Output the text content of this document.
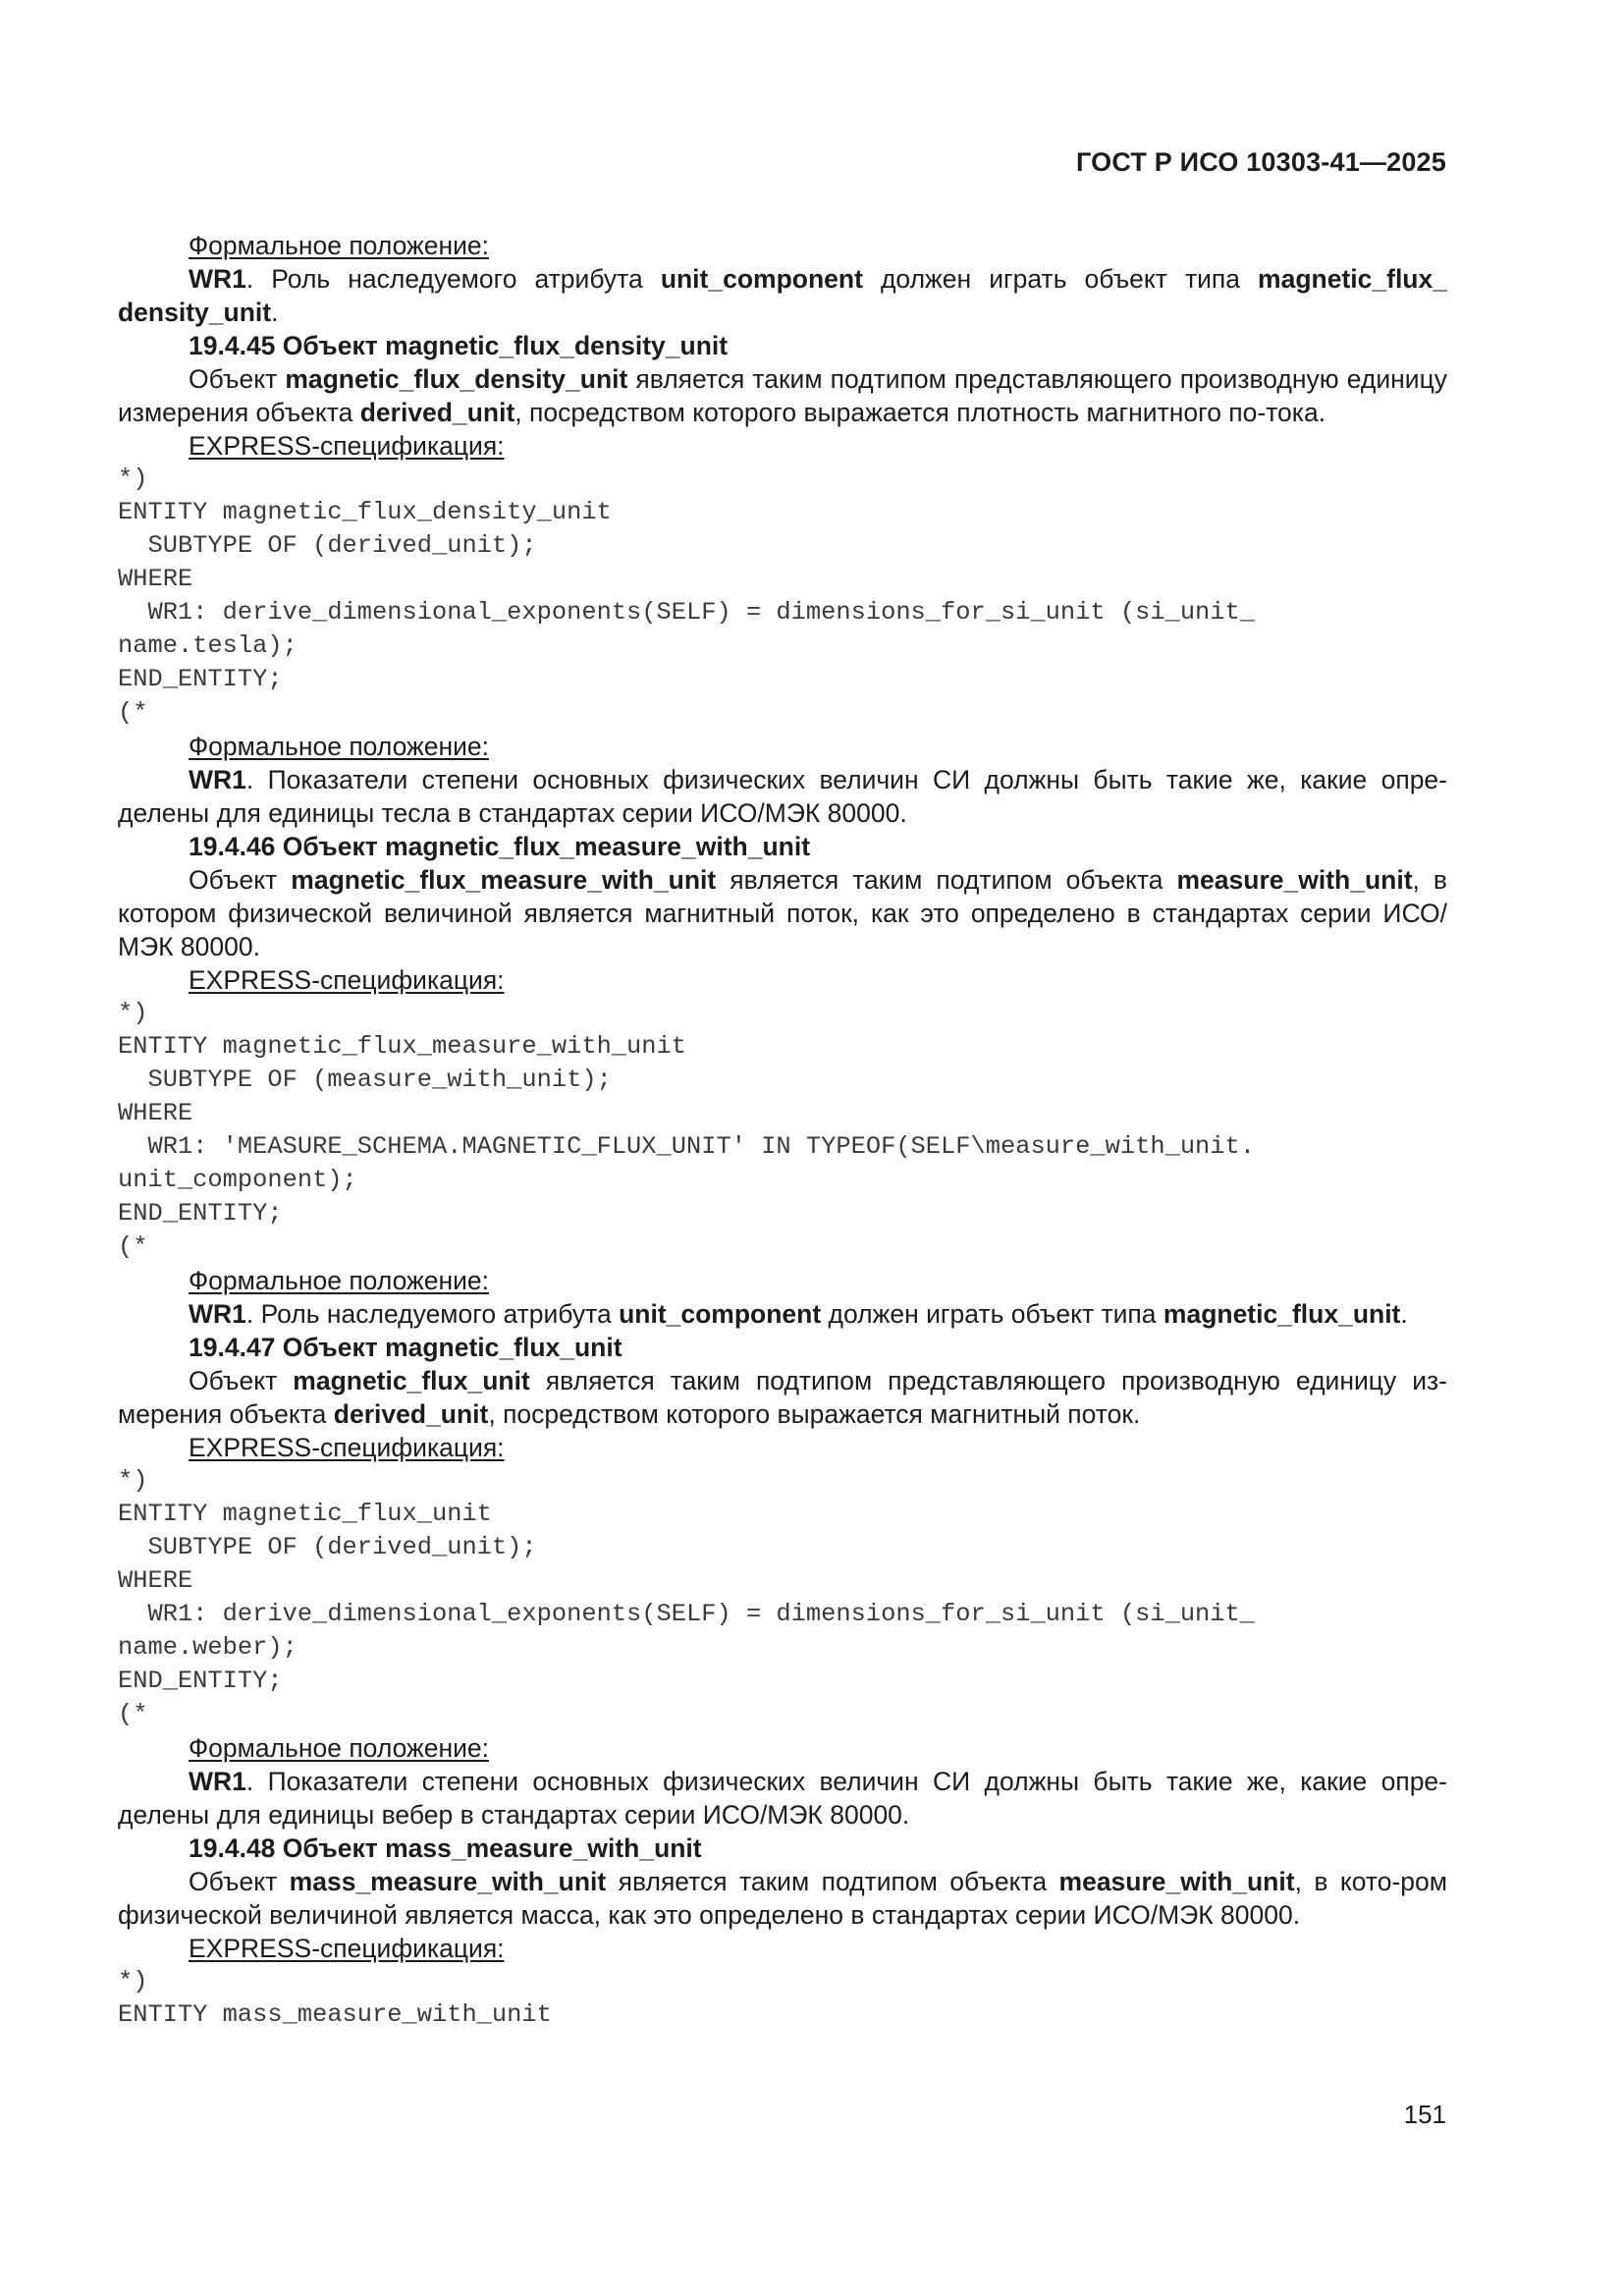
ГОСТ Р ИСО 10303-41—2025

Формальное положение:

WR1. Роль наследуемого атрибута unit_component должен играть объект типа magnetic_flux_ density_unit.

19.4.45 Объект magnetic_flux_density_unit

Объект magnetic_flux_density_unit является таким подтипом представляющего производную единицу измерения объекта derived_unit, посредством которого выражается плотность магнитного по-тока.

EXPRESS-спецификация:

*)

ENTITY magnetic_flux_density_unit

SUBTYPE OF (derived_unit);

WHERE

WR1: derive_dimensional_exponents(SELF) = dimensions_for_si_unit (si_unit_

name.tesla);

END_ENTITY;

(*

Формальное положение:

WR1. Показатели степени основных физических величин СИ должны быть такие же, какие опре-делены для единицы тесла в стандартах серии ИСО/МЭК 80000.

19.4.46 Объект magnetic_flux_measure_with_unit

Объект magnetic_flux_measure_with_unit является таким подтипом объекта measure_with_unit, в котором физической величиной является магнитный поток, как это определено в стандартах серии ИСО/МЭК 80000.

EXPRESS-спецификация:

*)

ENTITY magnetic_flux_measure_with_unit

SUBTYPE OF (measure_with_unit);

WHERE

WR1: 'MEASURE_SCHEMA.MAGNETIC_FLUX_UNIT' IN TYPEOF(SELF\measure_with_unit.

unit_component);

END_ENTITY;

(*

Формальное положение:

WR1. Роль наследуемого атрибута unit_component должен играть объект типа magnetic_flux_unit.

19.4.47 Объект magnetic_flux_unit

Объект magnetic_flux_unit является таким подтипом представляющего производную единицу из-мерения объекта derived_unit, посредством которого выражается магнитный поток.

EXPRESS-спецификация:

*)

ENTITY magnetic_flux_unit

SUBTYPE OF (derived_unit);

WHERE

WR1: derive_dimensional_exponents(SELF) = dimensions_for_si_unit (si_unit_

name.weber);

END_ENTITY;

(*

Формальное положение:

WR1. Показатели степени основных физических величин СИ должны быть такие же, какие опре-делены для единицы вебер в стандартах серии ИСО/МЭК 80000.

19.4.48 Объект mass_measure_with_unit

Объект mass_measure_with_unit является таким подтипом объекта measure_with_unit, в кото-ром физической величиной является масса, как это определено в стандартах серии ИСО/МЭК 80000.

EXPRESS-спецификация:

*)

ENTITY mass_measure_with_unit

151
